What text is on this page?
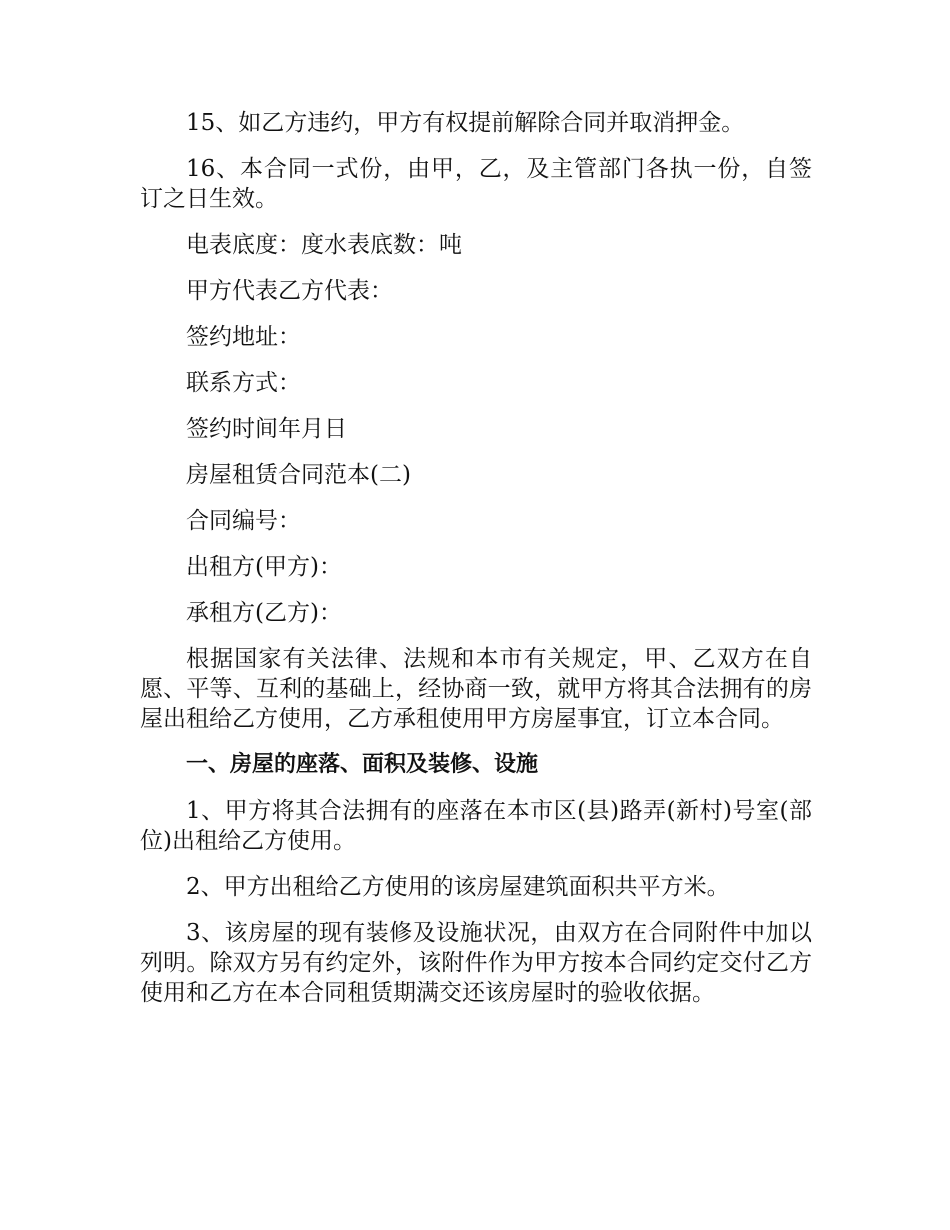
15、如乙方违约，甲方有权提前解除合同并取消押金。

16、本合同一式份，由甲，乙，及主管部门各执一份，自签订之日生效。

电表底度：度水表底数：吨

甲方代表乙方代表：

签约地址：

联系方式：

签约时间年月日

房屋租赁合同范本(二)

合同编号：

出租方(甲方)：

承租方(乙方)：

根据国家有关法律、法规和本市有关规定，甲、乙双方在自愿、平等、互利的基础上，经协商一致，就甲方将其合法拥有的房屋出租给乙方使用，乙方承租使用甲方房屋事宜，订立本合同。

一、房屋的座落、面积及装修、设施

1、甲方将其合法拥有的座落在本市区(县)路弄(新村)号室(部位)出租给乙方使用。

2、甲方出租给乙方使用的该房屋建筑面积共平方米。

3、该房屋的现有装修及设施状况，由双方在合同附件中加以列明。除双方另有约定外，该附件作为甲方按本合同约定交付乙方使用和乙方在本合同租赁期满交还该房屋时的验收依据。
